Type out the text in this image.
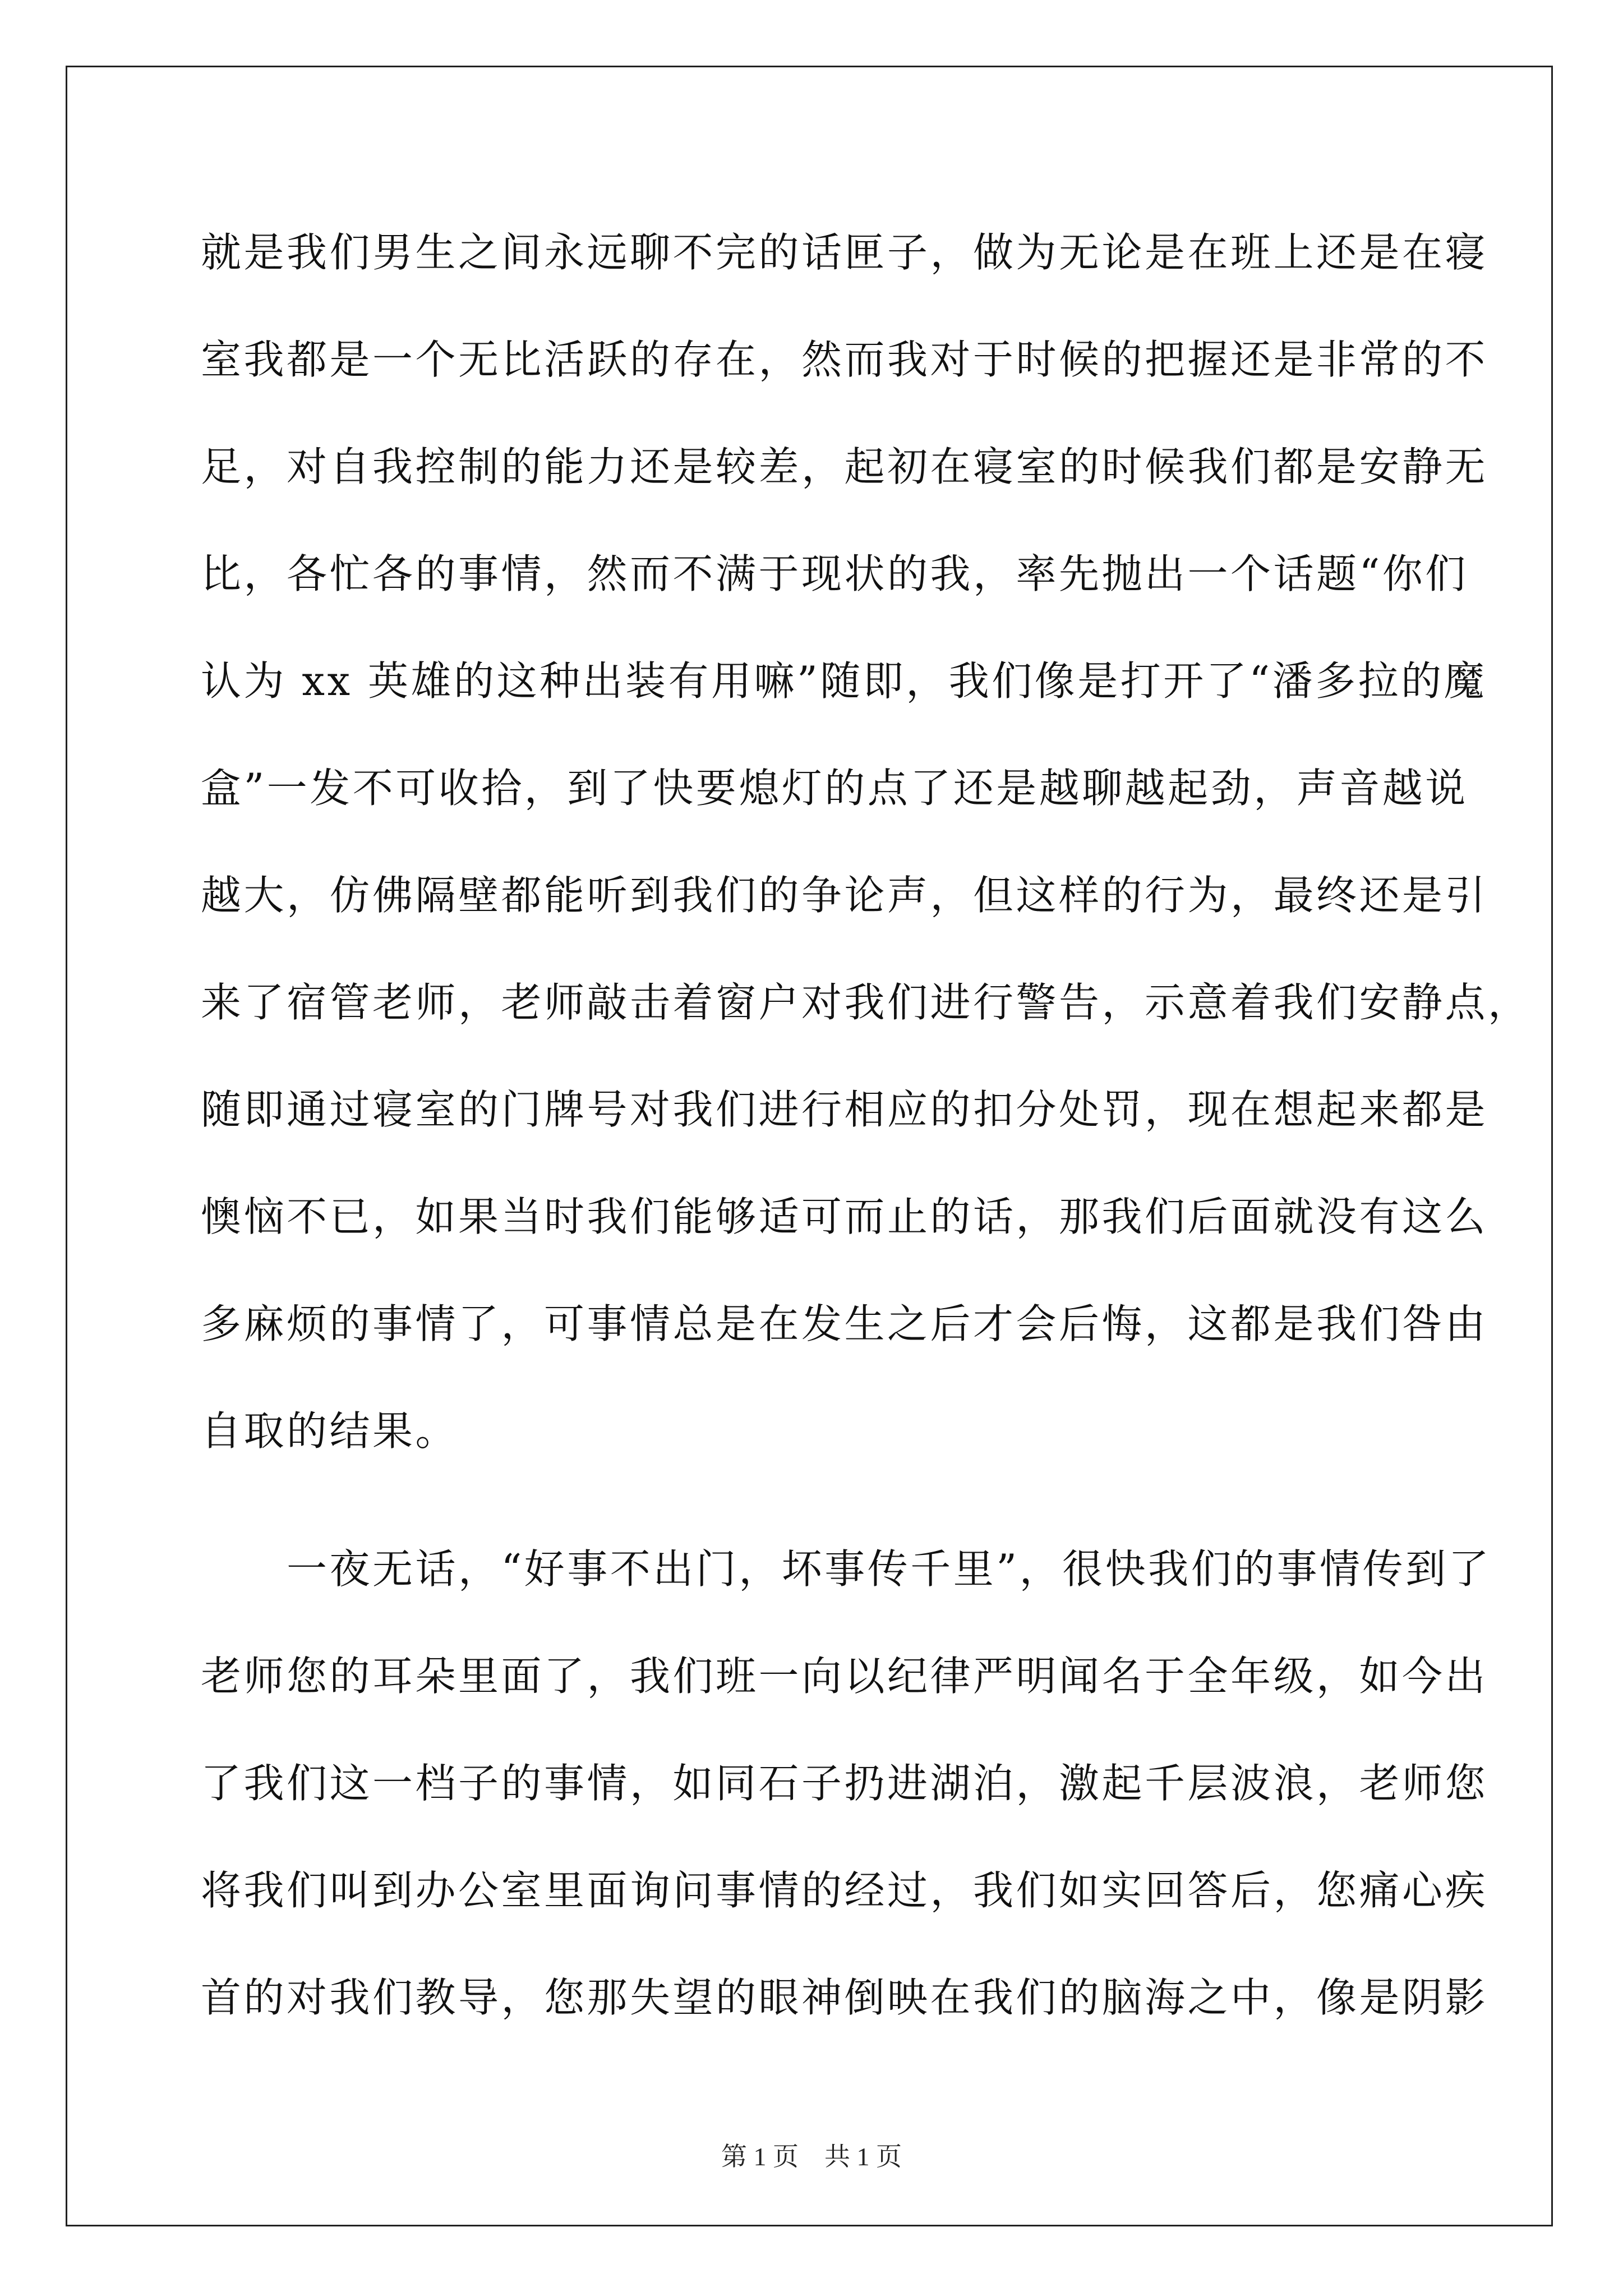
就是我们男生之间永远聊不完的话匣子，做为无论是在班上还是在寝
室我都是一个无比活跃的存在，然而我对于时候的把握还是非常的不
足，对自我控制的能力还是较差，起初在寝室的时候我们都是安静无
比，各忙各的事情，然而不满于现状的我，率先抛出一个话题“你们
认为 xx 英雄的这种出装有用嘛”随即，我们像是打开了“潘多拉的魔
盒”一发不可收拾，到了快要熄灯的点了还是越聊越起劲，声音越说
越大，仿佛隔壁都能听到我们的争论声，但这样的行为，最终还是引
来了宿管老师，老师敲击着窗户对我们进行警告，示意着我们安静点，
随即通过寝室的门牌号对我们进行相应的扣分处罚，现在想起来都是
懊恼不已，如果当时我们能够适可而止的话，那我们后面就没有这么
多麻烦的事情了，可事情总是在发生之后才会后悔，这都是我们咎由
自取的结果。
　　一夜无话，“好事不出门，坏事传千里”，很快我们的事情传到了
老师您的耳朵里面了，我们班一向以纪律严明闻名于全年级，如今出
了我们这一档子的事情，如同石子扔进湖泊，激起千层波浪，老师您
将我们叫到办公室里面询问事情的经过，我们如实回答后，您痛心疾
首的对我们教导，您那失望的眼神倒映在我们的脑海之中，像是阴影
第 1 页　共 1 页
